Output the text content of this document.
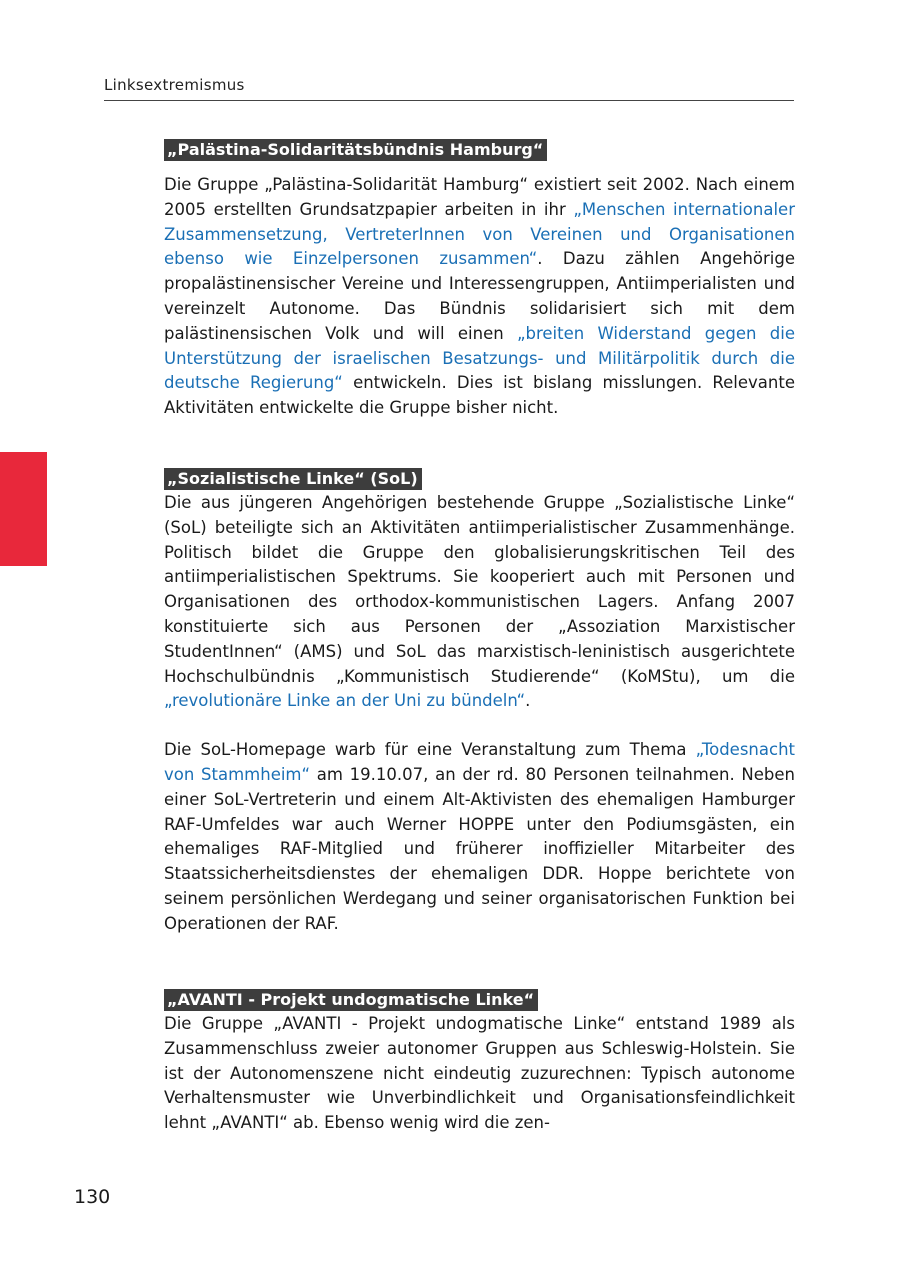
Linksextremismus
„Palästina-Solidaritätsbündnis Hamburg“

Die Gruppe „Palästina-Solidarität Hamburg“ existiert seit 2002. Nach einem 2005 erstellten Grundsatzpapier arbeiten in ihr „Menschen internationaler Zusammensetzung, VertreterInnen von Vereinen und Organisationen ebenso wie Einzelpersonen zusammen“. Dazu zählen Angehörige propalästinensischer Vereine und Interessengruppen, Antiimperialisten und vereinzelt Autonome. Das Bündnis solidarisiert sich mit dem palästinensischen Volk und will einen „breiten Widerstand gegen die Unterstützung der israelischen Besatzungs- und Militärpolitik durch die deutsche Regierung“ entwickeln. Dies ist bislang misslungen. Relevante Aktivitäten entwickelte die Gruppe bisher nicht.

„Sozialistische Linke“ (SoL)

Die aus jüngeren Angehörigen bestehende Gruppe „Sozialistische Linke“ (SoL) beteiligte sich an Aktivitäten antiimperialistischer Zusammenhänge. Politisch bildet die Gruppe den globalisierungskritischen Teil des antiimperialistischen Spektrums. Sie kooperiert auch mit Personen und Organisationen des orthodox-kommunistischen Lagers. Anfang 2007 konstituierte sich aus Personen der „Assoziation Marxistischer StudentInnen“ (AMS) und SoL das marxistisch-leninistisch ausgerichtete Hochschulbündnis „Kommunistisch Studierende“ (KoMStu), um die „revolutionäre Linke an der Uni zu bündeln“.

Die SoL-Homepage warb für eine Veranstaltung zum Thema „Todesnacht von Stammheim“ am 19.10.07, an der rd. 80 Personen teilnahmen. Neben einer SoL-Vertreterin und einem Alt-Aktivisten des ehemaligen Hamburger RAF-Umfeldes war auch Werner HOPPE unter den Podiumsgästen, ein ehemaliges RAF-Mitglied und früherer inoffizieller Mitarbeiter des Staatssicherheitsdienstes der ehemaligen DDR. Hoppe berichtete von seinem persönlichen Werdegang und seiner organisatorischen Funktion bei Operationen der RAF.

„AVANTI - Projekt undogmatische Linke“

Die Gruppe „AVANTI - Projekt undogmatische Linke“ entstand 1989 als Zusammenschluss zweier autonomer Gruppen aus Schleswig-Holstein. Sie ist der Autonomenszene nicht eindeutig zuzurechnen: Typisch autonome Verhaltensmuster wie Unverbindlichkeit und Organisationsfeindlichkeit lehnt „AVANTI“ ab. Ebenso wenig wird die zen-

130
